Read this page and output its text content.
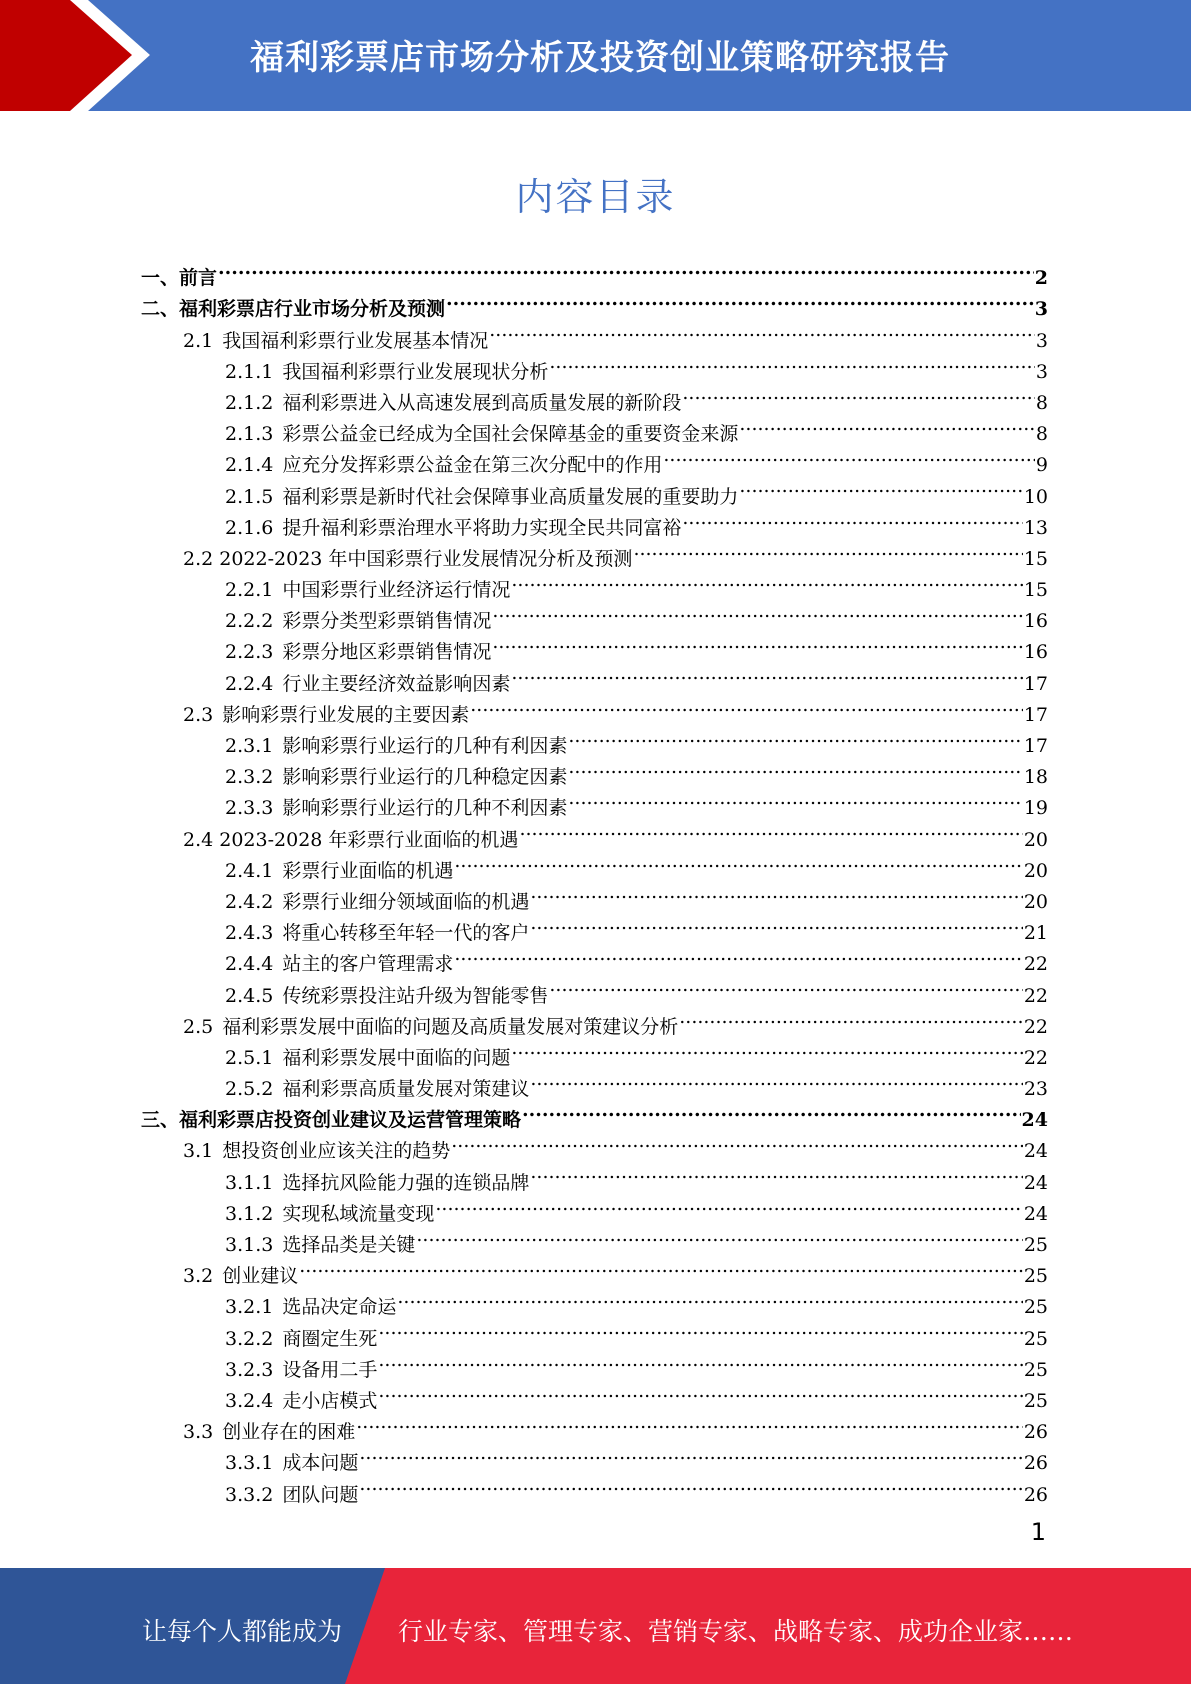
福利彩票店市场分析及投资创业策略研究报告
内容目录
一、前言 .....	2
二、福利彩票店行业市场分析及预测 .....	3
2.1 我国福利彩票行业发展基本情况 .....	3
2.1.1 我国福利彩票行业发展现状分析 .....	3
2.1.2 福利彩票进入从高速发展到高质量发展的新阶段 .....	8
2.1.3 彩票公益金已经成为全国社会保障基金的重要资金来源 .....	8
2.1.4 应充分发挥彩票公益金在第三次分配中的作用 .....	9
2.1.5 福利彩票是新时代社会保障事业高质量发展的重要助力 .....	10
2.1.6 提升福利彩票治理水平将助力实现全民共同富裕 .....	13
2.2 2022-2023 年中国彩票行业发展情况分析及预测 .....	15
2.2.1 中国彩票行业经济运行情况 .....	15
2.2.2 彩票分类型彩票销售情况 .....	16
2.2.3 彩票分地区彩票销售情况 .....	16
2.2.4 行业主要经济效益影响因素 .....	17
2.3 影响彩票行业发展的主要因素 .....	17
2.3.1 影响彩票行业运行的几种有利因素 .....	17
2.3.2 影响彩票行业运行的几种稳定因素 .....	18
2.3.3 影响彩票行业运行的几种不利因素 .....	19
2.4 2023-2028 年彩票行业面临的机遇 .....	20
2.4.1 彩票行业面临的机遇 .....	20
2.4.2 彩票行业细分领域面临的机遇 .....	20
2.4.3 将重心转移至年轻一代的客户 .....	21
2.4.4 站主的客户管理需求 .....	22
2.4.5 传统彩票投注站升级为智能零售 .....	22
2.5 福利彩票发展中面临的问题及高质量发展对策建议分析 .....	22
2.5.1 福利彩票发展中面临的问题 .....	22
2.5.2 福利彩票高质量发展对策建议 .....	23
三、福利彩票店投资创业建议及运营管理策略 .....	24
3.1 想投资创业应该关注的趋势 .....	24
3.1.1 选择抗风险能力强的连锁品牌 .....	24
3.1.2 实现私域流量变现 .....	24
3.1.3 选择品类是关键 .....	25
3.2 创业建议 .....	25
3.2.1 选品决定命运 .....	25
3.2.2 商圈定生死 .....	25
3.2.3 设备用二手 .....	25
3.2.4 走小店模式 .....	25
3.3 创业存在的困难 .....	26
3.3.1 成本问题 .....	26
3.3.2 团队问题 .....	26
1
让每个人都能成为 行业专家、管理专家、营销专家、战略专家、成功企业家……
